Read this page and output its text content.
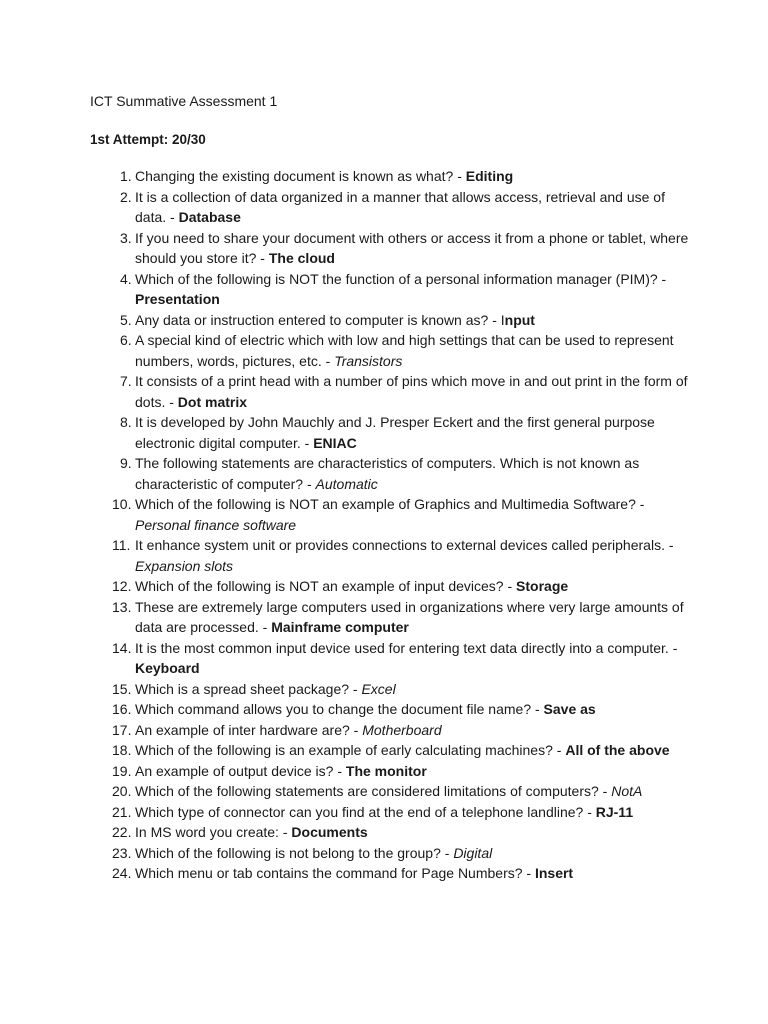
ICT Summative Assessment 1
1st Attempt: 20/30
1. Changing the existing document is known as what? - Editing
2. It is a collection of data organized in a manner that allows access, retrieval and use of data. - Database
3. If you need to share your document with others or access it from a phone or tablet, where should you store it? - The cloud
4. Which of the following is NOT the function of a personal information manager (PIM)? - Presentation
5. Any data or instruction entered to computer is known as? - Input
6. A special kind of electric which with low and high settings that can be used to represent numbers, words, pictures, etc. - Transistors
7. It consists of a print head with a number of pins which move in and out print in the form of dots. - Dot matrix
8. It is developed by John Mauchly and J. Presper Eckert and the first general purpose electronic digital computer. - ENIAC
9. The following statements are characteristics of computers. Which is not known as characteristic of computer? - Automatic
10. Which of the following is NOT an example of Graphics and Multimedia Software? - Personal finance software
11. It enhance system unit or provides connections to external devices called peripherals. - Expansion slots
12. Which of the following is NOT an example of input devices? - Storage
13. These are extremely large computers used in organizations where very large amounts of data are processed. - Mainframe computer
14. It is the most common input device used for entering text data directly into a computer. - Keyboard
15. Which is a spread sheet package? - Excel
16. Which command allows you to change the document file name? - Save as
17. An example of inter hardware are? - Motherboard
18. Which of the following is an example of early calculating machines? - All of the above
19. An example of output device is? - The monitor
20. Which of the following statements are considered limitations of computers? - NotA
21. Which type of connector can you find at the end of a telephone landline? - RJ-11
22. In MS word you create: - Documents
23. Which of the following is not belong to the group? - Digital
24. Which menu or tab contains the command for Page Numbers? - Insert
